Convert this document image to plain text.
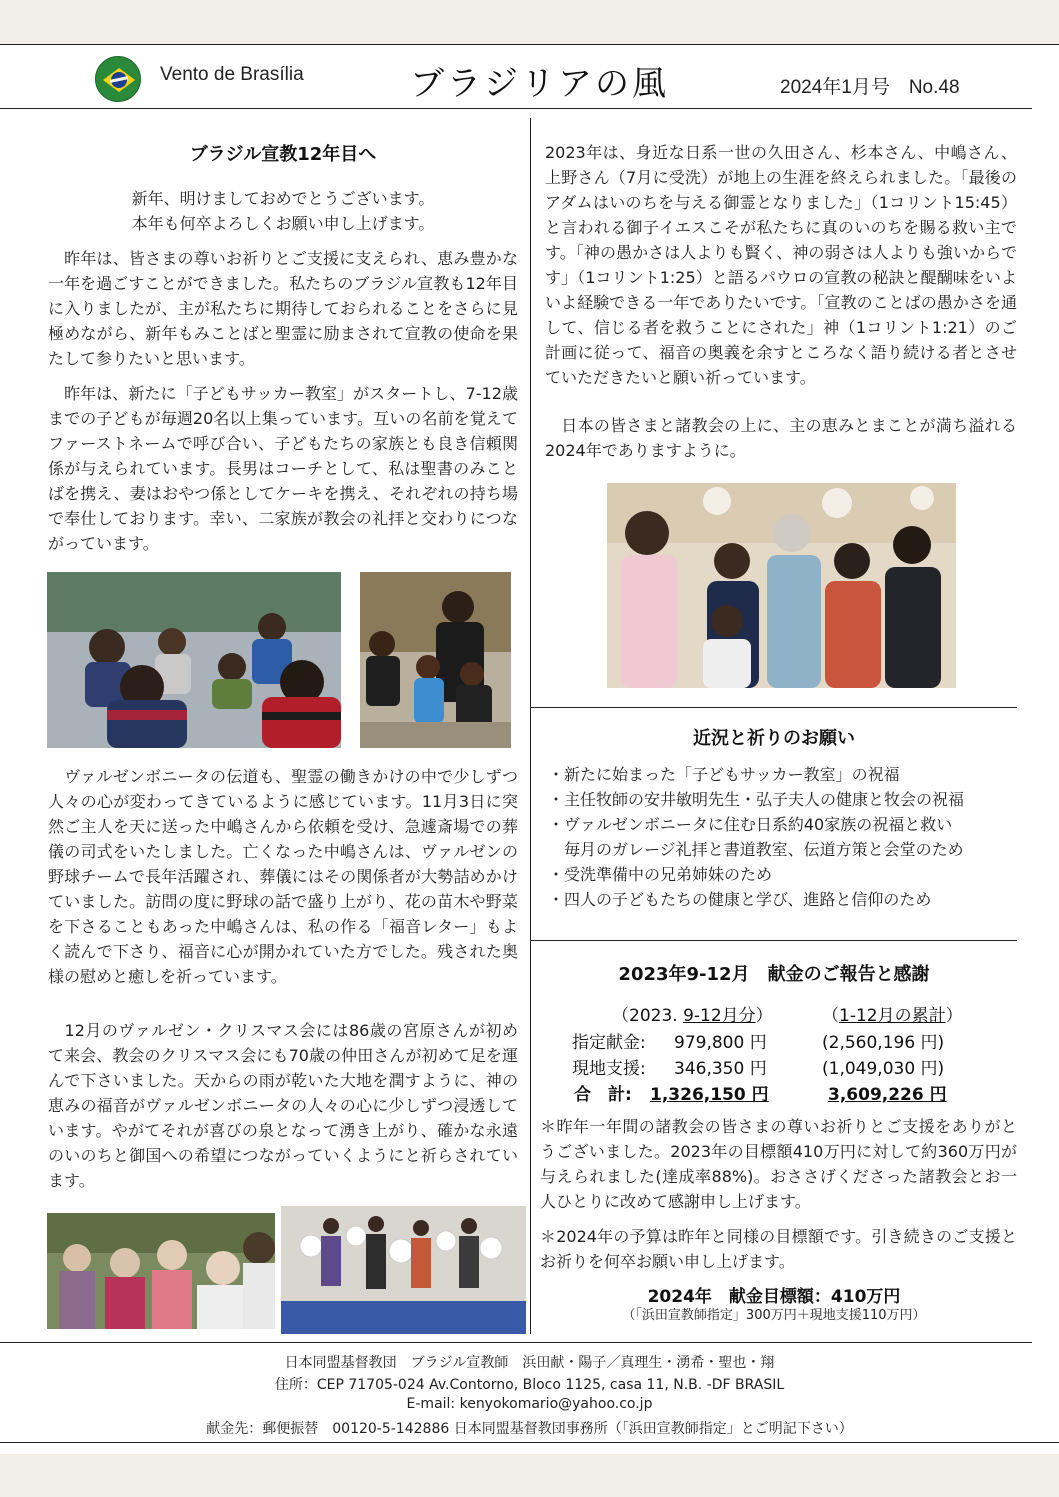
Vento de Brasília	ブラジリアの風	2024年1月号　No.48
ブラジル宣教12年目へ
新年、明けましておめでとうございます。
本年も何卒よろしくお願い申し上げます。
　昨年は、皆さまの尊いお祈りとご支援に支えられ、恵み豊かな一年を過ごすことができました。私たちのブラジル宣教も12年目に入りましたが、主が私たちに期待しておられることをさらに見極めながら、新年もみことばと聖霊に励まされて宣教の使命を果たして参りたいと思います。
　昨年は、新たに「子どもサッカー教室」がスタートし、7-12歳までの子どもが毎週20名以上集っています。互いの名前を覚えてファーストネームで呼び合い、子どもたちの家族とも良き信頼関係が与えられています。長男はコーチとして、私は聖書のみことばを携え、妻はおやつ係としてケーキを携え、それぞれの持ち場で奉仕しております。幸い、二家族が教会の礼拝と交わりにつながっています。
　ヴァルゼンボニータの伝道も、聖霊の働きかけの中で少しずつ人々の心が変わってきているように感じています。11月3日に突然ご主人を天に送った中嶋さんから依頼を受け、急遽斎場での葬儀の司式をいたしました。亡くなった中嶋さんは、ヴァルゼンの野球チームで長年活躍され、葬儀にはその関係者が大勢詰めかけていました。訪問の度に野球の話で盛り上がり、花の苗木や野菜を下さることもあった中嶋さんは、私の作る「福音レター」もよく読んで下さり、福音に心が開かれていた方でした。残された奥様の慰めと癒しを祈っています。
　12月のヴァルゼン・クリスマス会には86歳の宮原さんが初めて来会、教会のクリスマス会にも70歳の仲田さんが初めて足を運んで下さいました。天からの雨が乾いた大地を潤すように、神の恵みの福音がヴァルゼンボニータの人々の心に少しずつ浸透しています。やがてそれが喜びの泉となって湧き上がり、確かな永遠のいのちと御国への希望につながっていくようにと祈らされています。
2023年は、身近な日系一世の久田さん、杉本さん、中嶋さん、上野さん（7月に受洗）が地上の生涯を終えられました。「最後のアダムはいのちを与える御霊となりました」（1コリント15:45）と言われる御子イエスこそが私たちに真のいのちを賜る救い主です。「神の愚かさは人よりも賢く、神の弱さは人よりも強いからです」（1コリント1:25）と語るパウロの宣教の秘訣と醍醐味をいよいよ経験できる一年でありたいです。「宣教のことばの愚かさを通して、信じる者を救うことにされた」神（1コリント1:21）のご計画に従って、福音の奥義を余すところなく語り続ける者とさせていただきたいと願い祈っています。
　日本の皆さまと諸教会の上に、主の恵みとまことが満ち溢れる2024年でありますように。
近況と祈りのお願い
・新たに始まった「子どもサッカー教室」の祝福
・主任牧師の安井敏明先生・弘子夫人の健康と牧会の祝福
・ヴァルゼンボニータに住む日系約40家族の祝福と救い
　毎月のガレージ礼拝と書道教室、伝道方策と会堂のため
・受洗準備中の兄弟姉妹のため
・四人の子どもたちの健康と学び、進路と信仰のため
2023年9-12月　献金のご報告と感謝
（2023. 9-12月分）	（1-12月の累計）
指定献金: 979,800 円	(2,560,196 円)
現地支援: 346,350 円	(1,049,030 円)
合　計: 1,326,150 円	3,609,226 円
＊昨年一年間の諸教会の皆さまの尊いお祈りとご支援をありがとうございました。2023年の目標額410万円に対して約360万円が与えられました(達成率88%)。おささげくださった諸教会とお一人ひとりに改めて感謝申し上げます。
＊2024年の予算は昨年と同様の目標額です。引き続きのご支援とお祈りを何卒お願い申し上げます。
2024年　献金目標額：410万円
（「浜田宣教師指定」300万円＋現地支援110万円）
日本同盟基督教団　ブラジル宣教師　浜田献・陽子／真理生・湧希・聖也・翔
住所：CEP 71705-024 Av.Contorno, Bloco 1125, casa 11, N.B. -DF BRASIL
E-mail: kenyokomario@yahoo.co.jp
献金先：郵便振替　00120-5-142886 日本同盟基督教団事務所（「浜田宣教師指定」とご明記下さい）
